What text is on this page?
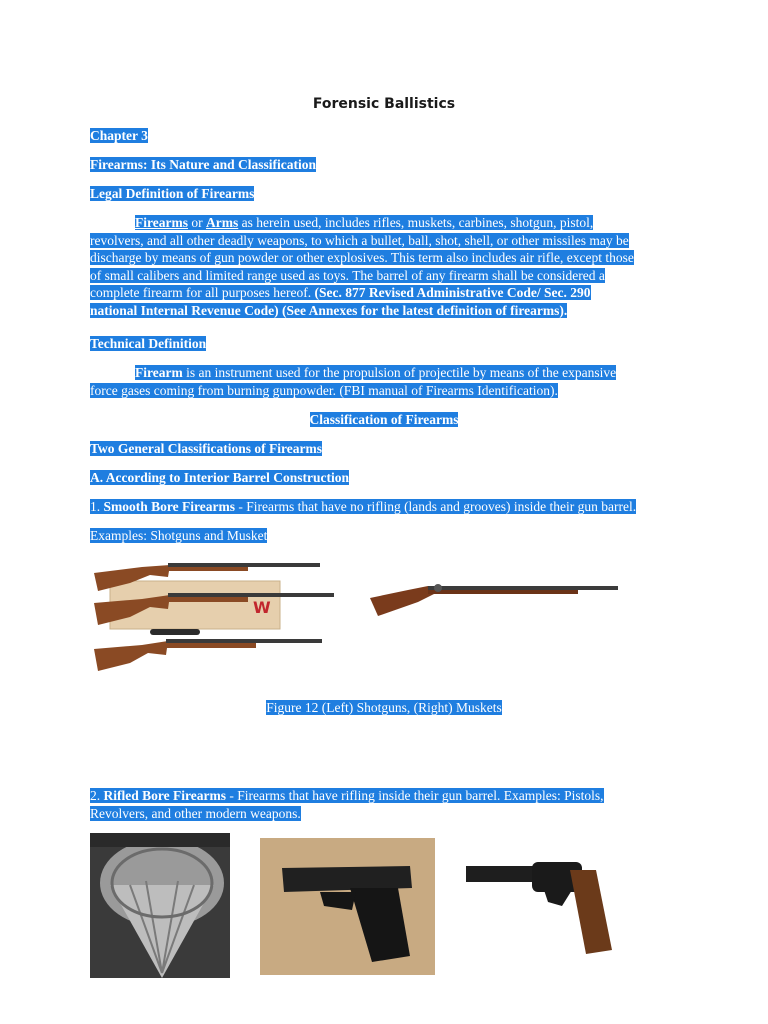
Forensic Ballistics
Chapter 3
Firearms: Its Nature and Classification
Legal Definition of Firearms
Firearms or Arms as herein used, includes rifles, muskets, carbines, shotgun, pistol,
revolvers, and all other deadly weapons, to which a bullet, ball, shot, shell, or other missiles may be
discharge by means of gun powder or other explosives. This term also includes air rifle, except those
of small calibers and limited range used as toys. The barrel of any firearm shall be considered a
complete firearm for all purposes hereof. (Sec. 877 Revised Administrative Code/ Sec. 290
national Internal Revenue Code) (See Annexes for the latest definition of firearms).
Technical Definition
Firearm is an instrument used for the propulsion of projectile by means of the expansive
force gases coming from burning gunpowder. (FBI manual of Firearms Identification).
Classification of Firearms
Two General Classifications of Firearms
A. According to Interior Barrel Construction
1. Smooth Bore Firearms - Firearms that have no rifling (lands and grooves) inside their gun barrel.
Examples: Shotguns and Musket
W
Figure 12 (Left) Shotguns, (Right) Muskets
2. Rifled Bore Firearms - Firearms that have rifling inside their gun barrel. Examples: Pistols,
Revolvers, and other modern weapons.
